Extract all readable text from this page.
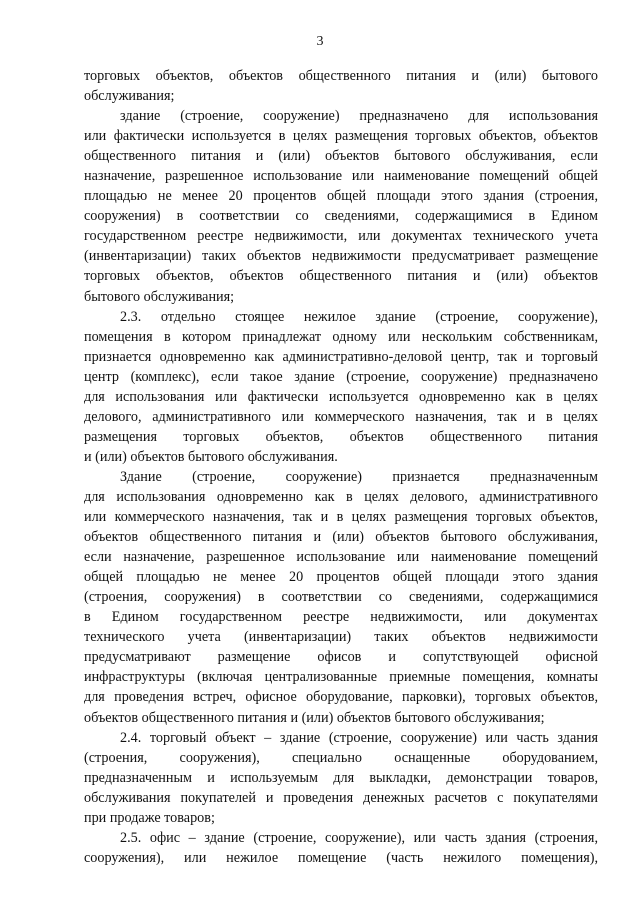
3
торговых объектов, объектов общественного питания и (или) бытового
обслуживания;
здание (строение, сооружение) предназначено для использования
или фактически используется в целях размещения торговых объектов, объектов
общественного питания и (или) объектов бытового обслуживания, если
назначение, разрешенное использование или наименование помещений общей
площадью не менее 20 процентов общей площади этого здания (строения,
сооружения) в соответствии со сведениями, содержащимися в Едином
государственном реестре недвижимости, или документах технического учета
(инвентаризации) таких объектов недвижимости предусматривает размещение
торговых объектов, объектов общественного питания и (или) объектов
бытового обслуживания;
2.3. отдельно стоящее нежилое здание (строение, сооружение),
помещения в котором принадлежат одному или нескольким собственникам,
признается одновременно как административно-деловой центр, так и торговый
центр (комплекс), если такое здание (строение, сооружение) предназначено
для использования или фактически используется одновременно как в целях
делового, административного или коммерческого назначения, так и в целях
размещения торговых объектов, объектов общественного питания
и (или) объектов бытового обслуживания.
Здание (строение, сооружение) признается предназначенным
для использования одновременно как в целях делового, административного
или коммерческого назначения, так и в целях размещения торговых объектов,
объектов общественного питания и (или) объектов бытового обслуживания,
если назначение, разрешенное использование или наименование помещений
общей площадью не менее 20 процентов общей площади этого здания
(строения, сооружения) в соответствии со сведениями, содержащимися
в Едином государственном реестре недвижимости, или документах
технического учета (инвентаризации) таких объектов недвижимости
предусматривают размещение офисов и сопутствующей офисной
инфраструктуры (включая централизованные приемные помещения, комнаты
для проведения встреч, офисное оборудование, парковки), торговых объектов,
объектов общественного питания и (или) объектов бытового обслуживания;
2.4. торговый объект – здание (строение, сооружение) или часть здания
(строения, сооружения), специально оснащенные оборудованием,
предназначенным и используемым для выкладки, демонстрации товаров,
обслуживания покупателей и проведения денежных расчетов с покупателями
при продаже товаров;
2.5. офис – здание (строение, сооружение), или часть здания (строения,
сооружения), или нежилое помещение (часть нежилого помещения),
